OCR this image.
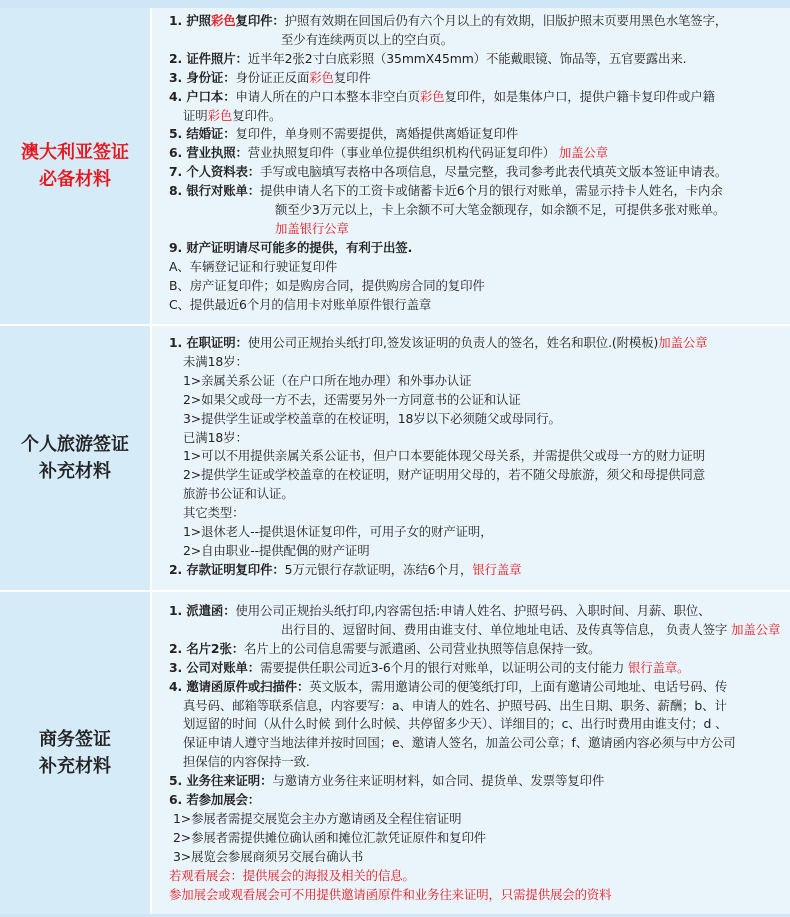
澳大利亚签证
必备材料
1. 护照彩色复印件：护照有效期在回国后仍有六个月以上的有效期，旧版护照末页要用黑色水笔签字，
至少有连续两页以上的空白页。
2. 证件照片：近半年2张2寸白底彩照（35mmX45mm）不能戴眼镜、饰品等，五官要露出来.
3. 身份证：身份证正反面彩色复印件
4. 户口本：申请人所在的户口本整本非空白页彩色复印件，如是集体户口，提供户籍卡复印件或户籍
证明彩色复印件。
5. 结婚证：复印件，单身则不需要提供，离婚提供离婚证复印件
6. 营业执照：营业执照复印件（事业单位提供组织机构代码证复印件） 加盖公章
7. 个人资料表：手写或电脑填写表格中各项信息，尽量完整，我司参考此表代填英文版本签证申请表。
8. 银行对账单：提供申请人名下的工资卡或储蓄卡近6个月的银行对账单，需显示持卡人姓名，卡内余
额至少3万元以上，卡上余额不可大笔金额现存，如余额不足，可提供多张对账单。
加盖银行公章
9. 财产证明请尽可能多的提供，有利于出签.
A、车辆登记证和行驶证复印件
B、房产证复印件；如是购房合同，提供购房合同的复印件
C、提供最近6个月的信用卡对账单原件银行盖章
个人旅游签证
补充材料
1. 在职证明：使用公司正规抬头纸打印,签发该证明的负责人的签名，姓名和职位.(附模板)加盖公章
未满18岁：
1>亲属关系公证（在户口所在地办理）和外事办认证
2>如果父或母一方不去，还需要另外一方同意书的公证和认证
3>提供学生证或学校盖章的在校证明，18岁以下必须随父或母同行。
已满18岁：
1>可以不用提供亲属关系公证书，但户口本要能体现父母关系，并需提供父或母一方的财力证明
2>提供学生证或学校盖章的在校证明，财产证明用父母的，若不随父母旅游，须父和母提供同意
旅游书公证和认证。
其它类型：
1>退休老人--提供退休证复印件，可用子女的财产证明，
2>自由职业--提供配偶的财产证明
2. 存款证明复印件：5万元银行存款证明，冻结6个月，银行盖章
商务签证
补充材料
1. 派遣函：使用公司正规抬头纸打印,内容需包括:申请人姓名、护照号码、入职时间、月薪、职位、
出行目的、逗留时间、费用由谁支付、单位地址电话、及传真等信息， 负责人签字 加盖公章
2. 名片2张：名片上的公司信息需要与派遣函、公司营业执照等信息保持一致。
3. 公司对账单：需要提供任职公司近3-6个月的银行对账单，以证明公司的支付能力 银行盖章。
4. 邀请函原件或扫描件：英文版本，需用邀请公司的便笺纸打印，上面有邀请公司地址、电话号码、传
真号码、邮箱等联系信息，内容要写：a、申请人的姓名、护照号码、出生日期、职务、薪酬；b、计
划逗留的时间（从什么时候 到什么时候、共停留多少天）、详细目的；c、出行时费用由谁支付；d 、
保证申请人遵守当地法律并按时回国；e、邀请人签名，加盖公司公章；f、邀请函内容必须与中方公司
担保信的内容保持一致.
5. 业务往来证明：与邀请方业务往来证明材料，如合同、提货单、发票等复印件
6. 若参加展会：
1>参展者需提交展览会主办方邀请函及全程住宿证明
2>参展者需提供摊位确认函和摊位汇款凭证原件和复印件
3>展览会参展商须另交展台确认书
若观看展会：提供展会的海报及相关的信息。
参加展会或观看展会可不用提供邀请函原件和业务往来证明，只需提供展会的资料
